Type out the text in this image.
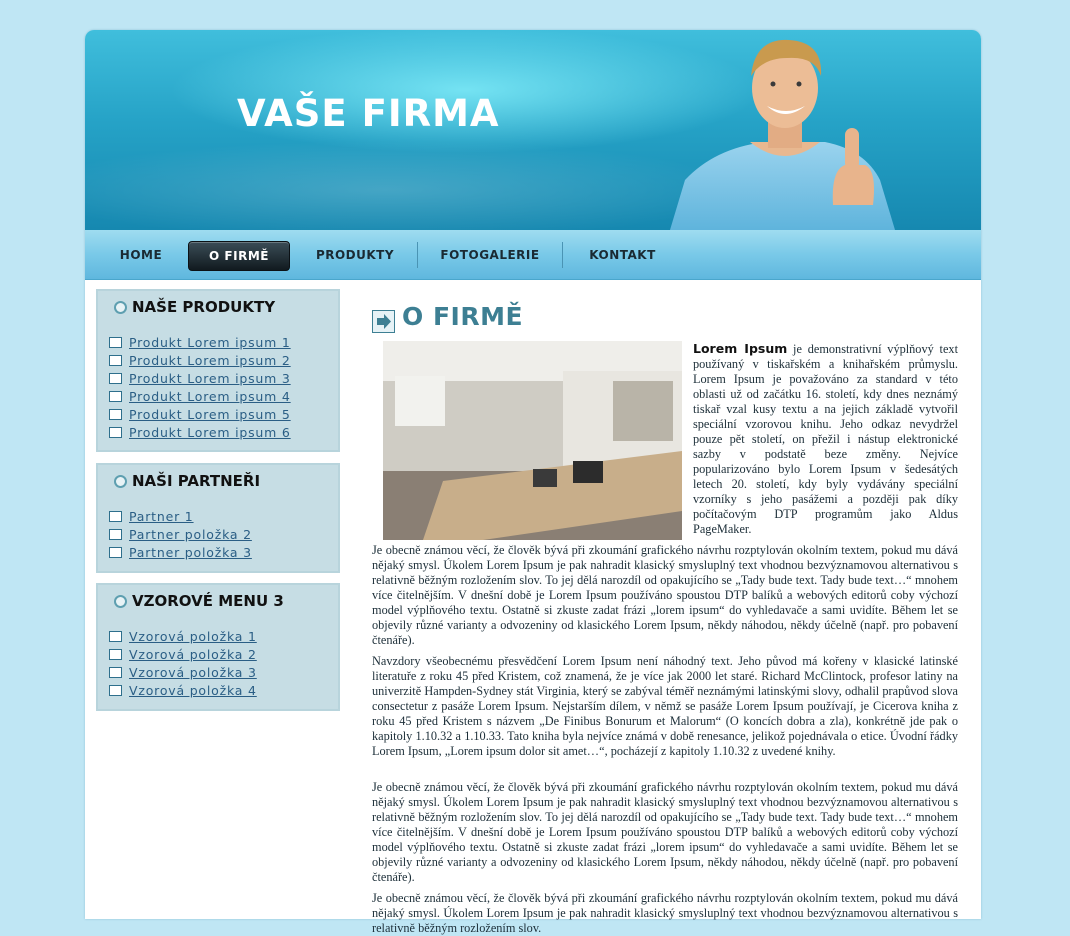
VAŠE FIRMA
HOME	O FIRMĚ	PRODUKTY	FOTOGALERIE	KONTAKT
NAŠE PRODUKTY
Produkt Lorem ipsum 1
Produkt Lorem ipsum 2
Produkt Lorem ipsum 3
Produkt Lorem ipsum 4
Produkt Lorem ipsum 5
Produkt Lorem ipsum 6
NAŠI PARTNEŘI
Partner 1
Partner položka 2
Partner položka 3
VZOROVÉ MENU 3
Vzorová položka 1
Vzorová položka 2
Vzorová položka 3
Vzorová položka 4
O FIRMĚ

Lorem Ipsum je demonstrativní výplňový text používaný v tiskařském a knihařském průmyslu. Lorem Ipsum je považováno za standard v této oblasti už od začátku 16. století, kdy dnes neznámý tiskař vzal kusy textu a na jejich základě vytvořil speciální vzorovou knihu. Jeho odkaz nevydržel pouze pět století, on přežil i nástup elektronické sazby v podstatě beze změny. Nejvíce popularizováno bylo Lorem Ipsum v šedesátých letech 20. století, kdy byly vydávány speciální vzorníky s jeho pasážemi a později pak díky počítačovým DTP programům jako Aldus PageMaker.

Je obecně známou věcí, že člověk bývá při zkoumání grafického návrhu rozptylován okolním textem, pokud mu dává nějaký smysl. Úkolem Lorem Ipsum je pak nahradit klasický smysluplný text vhodnou bezvýznamovou alternativou s relativně běžným rozložením slov. To jej dělá narozdíl od opakujícího se „Tady bude text. Tady bude text…“ mnohem více čitelnějším. V dnešní době je Lorem Ipsum používáno spoustou DTP balíků a webových editorů coby výchozí model výplňového textu. Ostatně si zkuste zadat frázi „lorem ipsum“ do vyhledavače a sami uvidíte. Během let se objevily různé varianty a odvozeniny od klasického Lorem Ipsum, někdy náhodou, někdy účelně (např. pro pobavení čtenáře).

Navzdory všeobecnému přesvědčení Lorem Ipsum není náhodný text. Jeho původ má kořeny v klasické latinské literatuře z roku 45 před Kristem, což znamená, že je více jak 2000 let staré. Richard McClintock, profesor latiny na univerzitě Hampden-Sydney stát Virginia, který se zabýval téměř neznámými latinskými slovy, odhalil prapůvod slova consectetur z pasáže Lorem Ipsum. Nejstarším dílem, v němž se pasáže Lorem Ipsum používají, je Cicerova kniha z roku 45 před Kristem s názvem „De Finibus Bonurum et Malorum“ (O koncích dobra a zla), konkrétně jde pak o kapitoly 1.10.32 a 1.10.33. Tato kniha byla nejvíce známá v době renesance, jelikož pojednávala o etice. Úvodní řádky Lorem Ipsum, „Lorem ipsum dolor sit amet…“, pocházejí z kapitoly 1.10.32 z uvedené knihy.

Je obecně známou věcí, že člověk bývá při zkoumání grafického návrhu rozptylován okolním textem, pokud mu dává nějaký smysl. Úkolem Lorem Ipsum je pak nahradit klasický smysluplný text vhodnou bezvýznamovou alternativou s relativně běžným rozložením slov. To jej dělá narozdíl od opakujícího se „Tady bude text. Tady bude text…“ mnohem více čitelnějším. V dnešní době je Lorem Ipsum používáno spoustou DTP balíků a webových editorů coby výchozí model výplňového textu. Ostatně si zkuste zadat frázi „lorem ipsum“ do vyhledavače a sami uvidíte. Během let se objevily různé varianty a odvozeniny od klasického Lorem Ipsum, někdy náhodou, někdy účelně (např. pro pobavení čtenáře).

Je obecně známou věcí, že člověk bývá při zkoumání grafického návrhu rozptylován okolním textem, pokud mu dává nějaký smysl. Úkolem Lorem Ipsum je pak nahradit klasický smysluplný text vhodnou bezvýznamovou alternativou s relativně běžným rozložením slov.
